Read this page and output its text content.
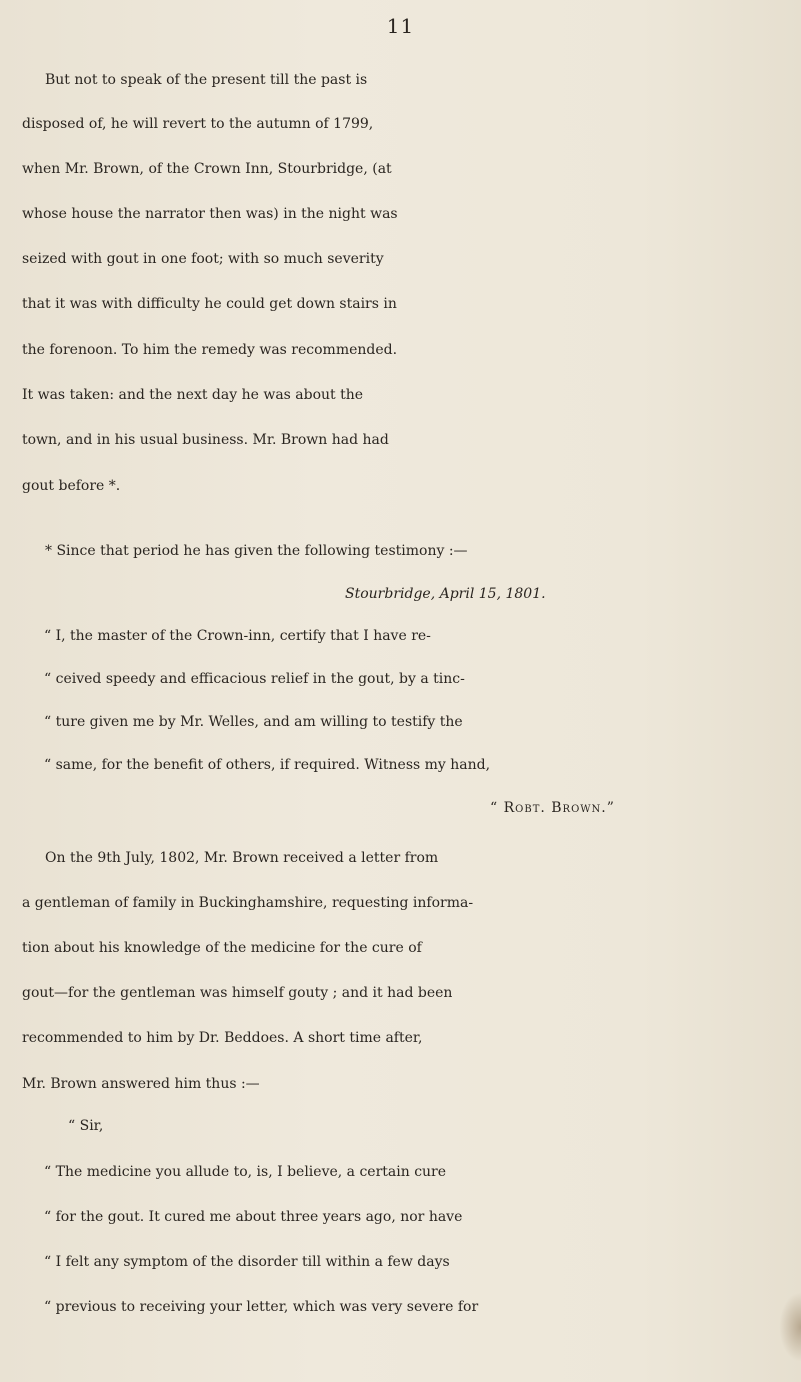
11
But not to speak of the present till the past is
disposed of, he will revert to the autumn of 1799,
when Mr. Brown, of the Crown Inn, Stourbridge, (at
whose house the narrator then was) in the night was
seized with gout in one foot; with so much severity
that it was with difficulty he could get down stairs in
the forenoon. To him the remedy was recommended.
It was taken: and the next day he was about the
town, and in his usual business. Mr. Brown had had
gout before *.
* Since that period he has given the following testimony :—
Stourbridge, April 15, 1801.
“ I, the master of the Crown-inn, certify that I have re-
“ ceived speedy and efficacious relief in the gout, by a tinc-
“ ture given me by Mr. Welles, and am willing to testify the
“ same, for the benefit of others, if required. Witness my hand,
“ Robt. Brown.”
On the 9th July, 1802, Mr. Brown received a letter from
a gentleman of family in Buckinghamshire, requesting informa-
tion about his knowledge of the medicine for the cure of
gout—for the gentleman was himself gouty ; and it had been
recommended to him by Dr. Beddoes. A short time after,
Mr. Brown answered him thus :—
“ Sir,
“ The medicine you allude to, is, I believe, a certain cure
“ for the gout. It cured me about three years ago, nor have
“ I felt any symptom of the disorder till within a few days
“ previous to receiving your letter, which was very severe for
